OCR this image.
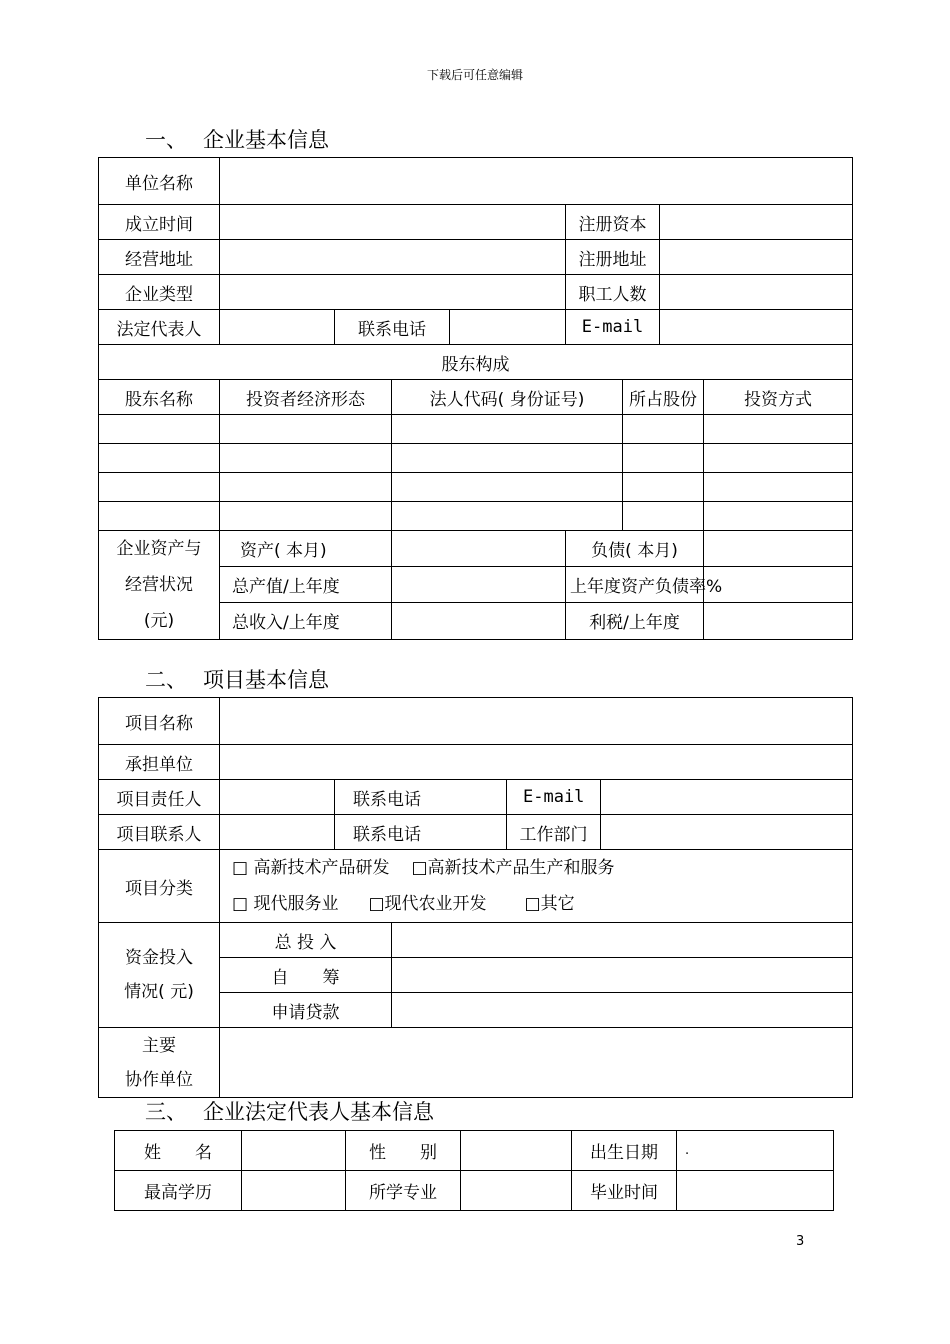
下载后可任意编辑
一、 企业基本信息
单位名称								
成立时间					注册资本			
经营地址					注册地址			
企业类型					职工人数			
法定代表人		联系电话			E-mail			
股东构成								
股东名称	投资者经济形态		法人代码( 身份证号)			所占股份		投资方式

企业资产与
经营状况
(元)	资产( 本月)				负债( 本月)			
	总产值/上年度				上年度资产负债率%			
	总收入/上年度				利税/上年度			
二、 项目基本信息
项目名称					
承担单位					
项目责任人		联系电话		E-mail	
项目联系人		联系电话		工作部门	
项目分类	□ 高新技术产品研发 □高新技术产品生产和服务
□ 现代服务业 □现代农业开发 □其它				

资金投入
情况( 元)	总 投 入				
	自　　筹				
	申请贷款				

主要
协作单位					

三、 企业法定代表人基本信息
姓　　名		性　　别		出生日期	.
最高学历		所学专业		毕业时间	
3
